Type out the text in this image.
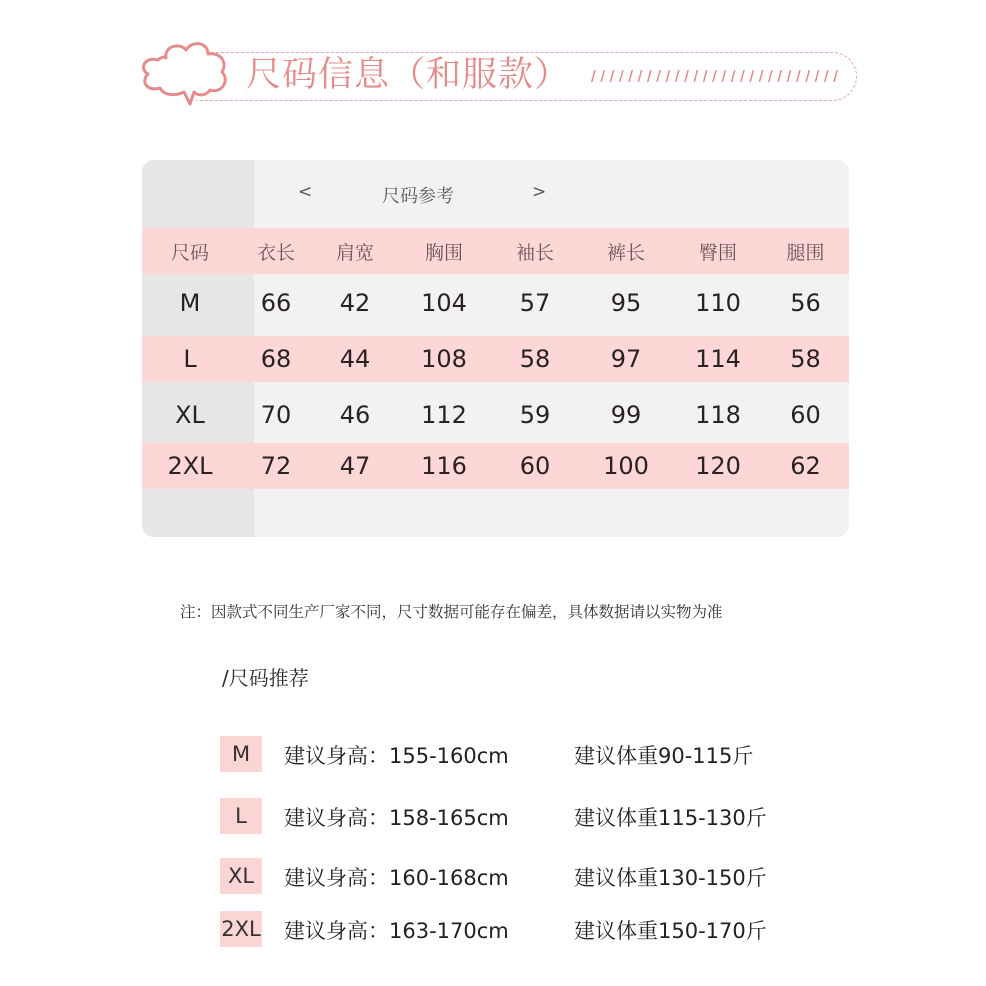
尺码信息（和服款）
<	尺码参考	>
尺码	衣长	肩宽	胸围	袖长	裤长	臀围	腿围
M	66	42	104	57	95	110	56
L	68	44	108	58	97	114	58
XL	70	46	112	59	99	118	60
2XL	72	47	116	60	100	120	62
注：因款式不同生产厂家不同，尺寸数据可能存在偏差，具体数据请以实物为准
/尺码推荐
M	建议身高：155-160cm	建议体重90-115斤
L	建议身高：158-165cm	建议体重115-130斤
XL	建议身高：160-168cm	建议体重130-150斤
2XL 建议身高：163-170cm	建议体重150-170斤
